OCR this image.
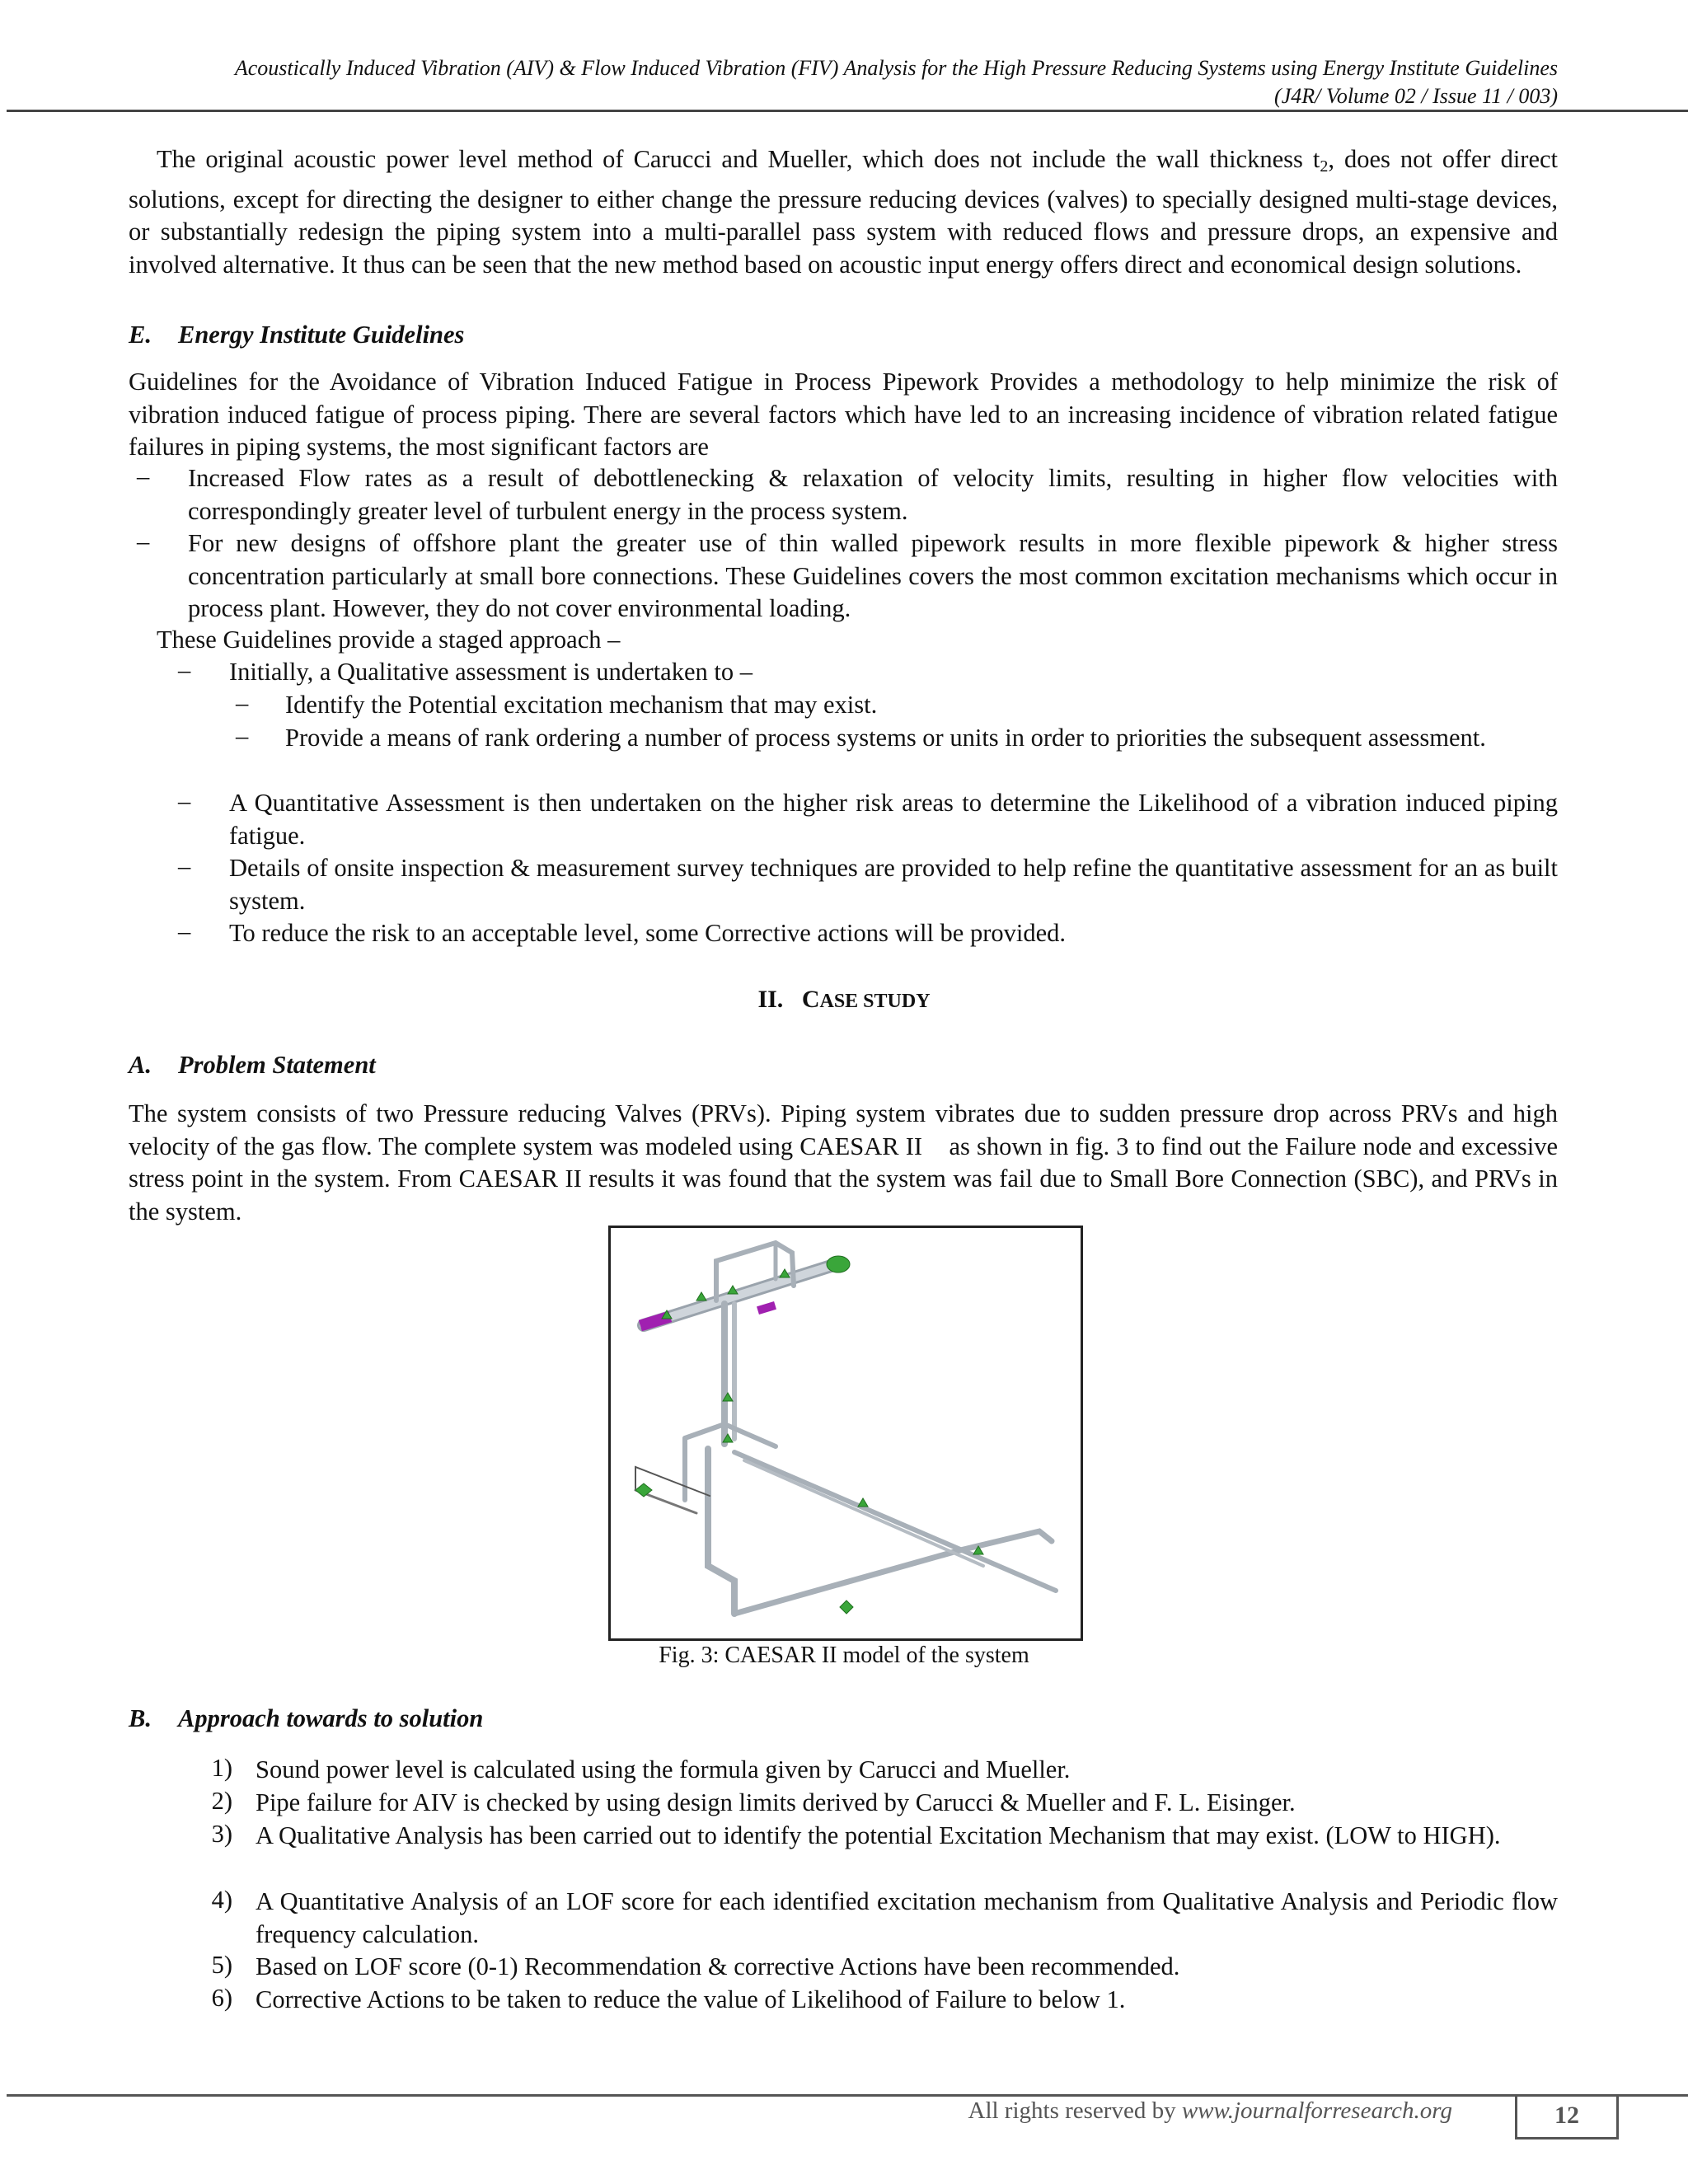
Acoustically Induced Vibration (AIV) & Flow Induced Vibration (FIV) Analysis for the High Pressure Reducing Systems using Energy Institute Guidelines
(J4R/ Volume 02 / Issue 11 / 003)

The original acoustic power level method of Carucci and Mueller, which does not include the wall thickness $t_2$, does not offer direct solutions, except for directing the designer to either change the pressure reducing devices (valves) to specially designed multi-stage devices, or substantially redesign the piping system into a multi-parallel pass system with reduced flows and pressure drops, an expensive and involved alternative. It thus can be seen that the new method based on acoustic input energy offers direct and economical design solutions.

E. Energy Institute Guidelines

Guidelines for the Avoidance of Vibration Induced Fatigue in Process Pipework Provides a methodology to help minimize the risk of vibration induced fatigue of process piping. There are several factors which have led to an increasing incidence of vibration related fatigue failures in piping systems, the most significant factors are

– Increased Flow rates as a result of debottlenecking & relaxation of velocity limits, resulting in higher flow velocities with correspondingly greater level of turbulent energy in the process system.
– For new designs of offshore plant the greater use of thin walled pipework results in more flexible pipework & higher stress concentration particularly at small bore connections. These Guidelines covers the most common excitation mechanisms which occur in process plant. However, they do not cover environmental loading.
These Guidelines provide a staged approach –
– Initially, a Qualitative assessment is undertaken to –
– Identify the Potential excitation mechanism that may exist.
– Provide a means of rank ordering a number of process systems or units in order to priorities the subsequent assessment.
– A Quantitative Assessment is then undertaken on the higher risk areas to determine the Likelihood of a vibration induced piping fatigue.
– Details of onsite inspection & measurement survey techniques are provided to help refine the quantitative assessment for an as built system.
– To reduce the risk to an acceptable level, some Corrective actions will be provided.
II. CASE STUDY
A. Problem Statement

The system consists of two Pressure reducing Valves (PRVs). Piping system vibrates due to sudden pressure drop across PRVs and high velocity of the gas flow. The complete system was modeled using CAESAR II    as shown in fig. 3 to find out the Failure node and excessive stress point in the system. From CAESAR II results it was found that the system was fail due to Small Bore Connection (SBC), and PRVs in the system.

Fig. 3: CAESAR II model of the system
B. Approach towards to solution
1) Sound power level is calculated using the formula given by Carucci and Mueller.
2) Pipe failure for AIV is checked by using design limits derived by Carucci & Mueller and F. L. Eisinger.
3) A Qualitative Analysis has been carried out to identify the potential Excitation Mechanism that may exist. (LOW to HIGH).
4) A Quantitative Analysis of an LOF score for each identified excitation mechanism from Qualitative Analysis and Periodic flow frequency calculation.
5) Based on LOF score (0-1) Recommendation & corrective Actions have been recommended.
6) Corrective Actions to be taken to reduce the value of Likelihood of Failure to below 1.
All rights reserved by www.journalforresearch.org	12
